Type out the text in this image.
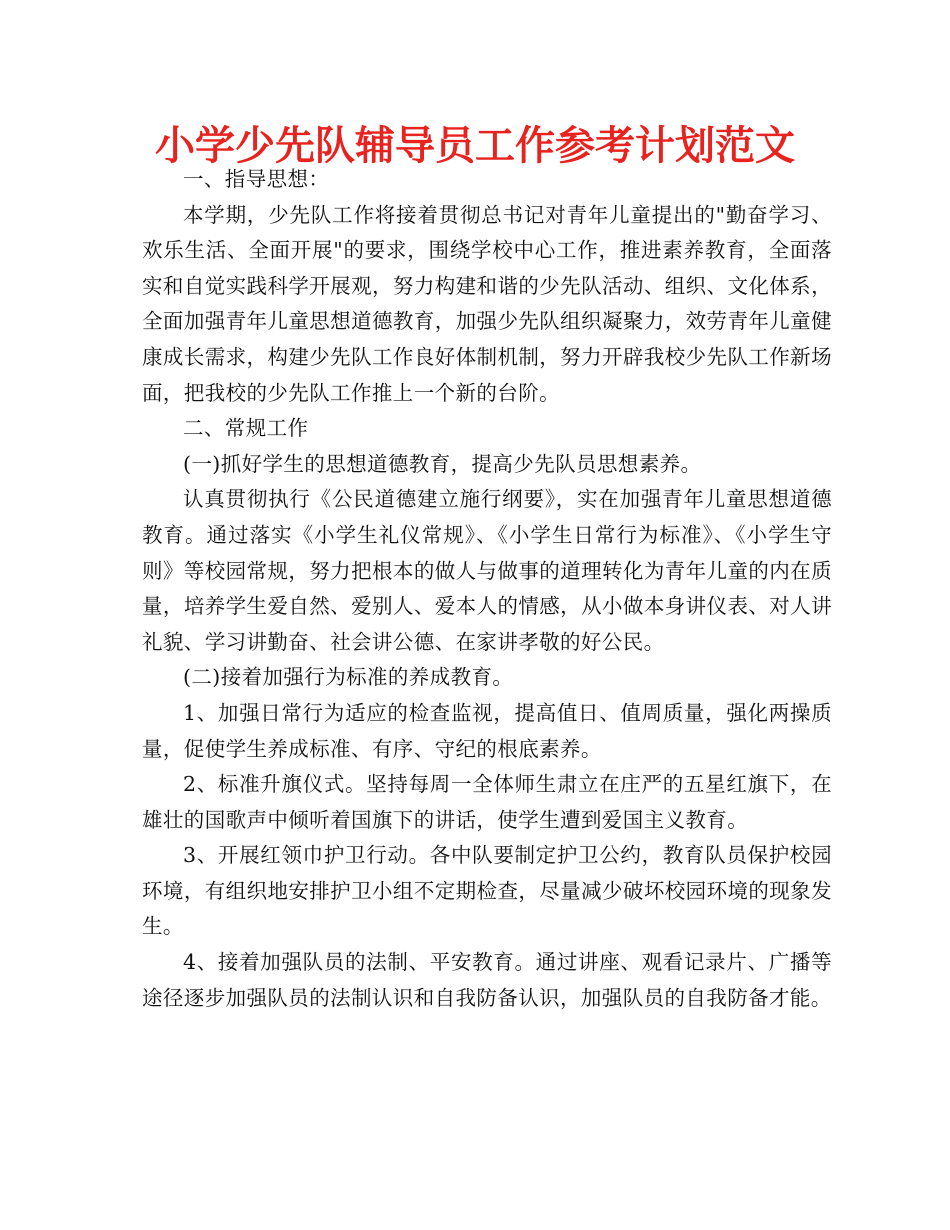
小学少先队辅导员工作参考计划范文

一、指导思想：

本学期，少先队工作将接着贯彻总书记对青年儿童提出的"勤奋学习、欢乐生活、全面开展"的要求，围绕学校中心工作，推进素养教育，全面落实和自觉实践科学开展观，努力构建和谐的少先队活动、组织、文化体系，全面加强青年儿童思想道德教育，加强少先队组织凝聚力，效劳青年儿童健康成长需求，构建少先队工作良好体制机制，努力开辟我校少先队工作新场面，把我校的少先队工作推上一个新的台阶。

二、常规工作

(一)抓好学生的思想道德教育，提高少先队员思想素养。

认真贯彻执行《公民道德建立施行纲要》，实在加强青年儿童思想道德教育。通过落实《小学生礼仪常规》、《小学生日常行为标准》、《小学生守则》等校园常规，努力把根本的做人与做事的道理转化为青年儿童的内在质量，培养学生爱自然、爱别人、爱本人的情感，从小做本身讲仪表、对人讲礼貌、学习讲勤奋、社会讲公德、在家讲孝敬的好公民。

(二)接着加强行为标准的养成教育。

1、加强日常行为适应的检查监视，提高值日、值周质量，强化两操质量，促使学生养成标准、有序、守纪的根底素养。

2、标准升旗仪式。坚持每周一全体师生肃立在庄严的五星红旗下，在雄壮的国歌声中倾听着国旗下的讲话，使学生遭到爱国主义教育。

3、开展红领巾护卫行动。各中队要制定护卫公约，教育队员保护校园环境，有组织地安排护卫小组不定期检查，尽量减少破坏校园环境的现象发生。

4、接着加强队员的法制、平安教育。通过讲座、观看记录片、广播等途径逐步加强队员的法制认识和自我防备认识，加强队员的自我防备才能。
